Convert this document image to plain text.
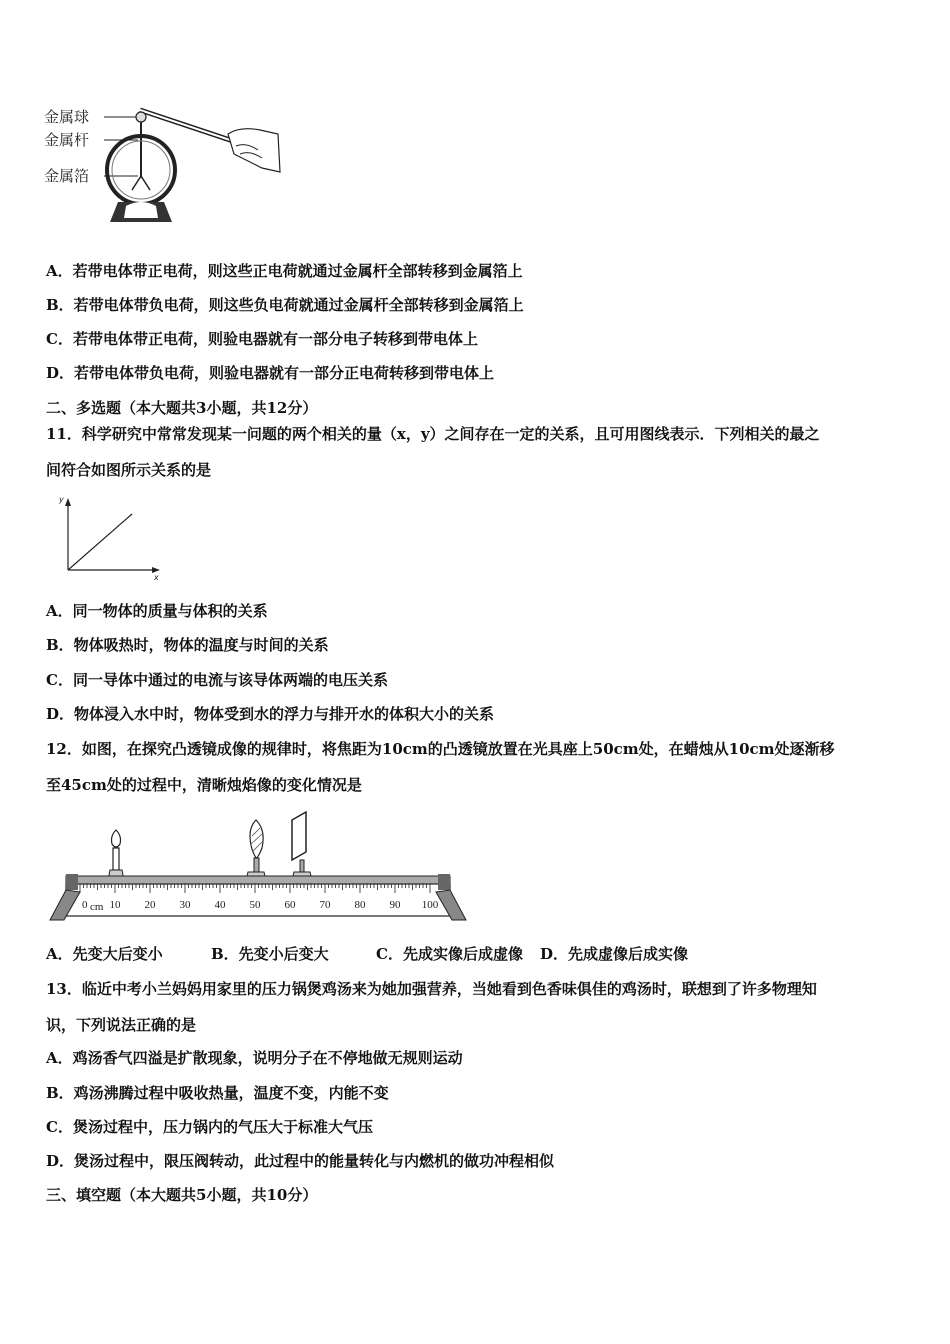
金属球
金属杆
金属箔
A．若带电体带正电荷，则这些正电荷就通过金属杆全部转移到金属箔上
B．若带电体带负电荷，则这些负电荷就通过金属杆全部转移到金属箔上
C．若带电体带正电荷，则验电器就有一部分电子转移到带电体上
D．若带电体带负电荷，则验电器就有一部分正电荷转移到带电体上
二、多选题（本大题共3小题，共12分）
11．科学研究中常常发现某一问题的两个相关的量（x，y）之间存在一定的关系，且可用图线表示．下列相关的最之
间符合如图所示关系的是
y
x
A．同一物体的质量与体积的关系
B．物体吸热时，物体的温度与时间的关系
C．同一导体中通过的电流与该导体两端的电压关系
D．物体浸入水中时，物体受到水的浮力与排开水的体积大小的关系
12．如图，在探究凸透镜成像的规律时，将焦距为10cm的凸透镜放置在光具座上50cm处，在蜡烛从10cm处逐渐移
至45cm处的过程中，清晰烛焰像的变化情况是
cm
0 10 20 30 40 50 60 70 80 90 100
A．先变大后变小	B．先变小后变大	C．先成实像后成虚像 D．先成虚像后成实像
13．临近中考小兰妈妈用家里的压力锅煲鸡汤来为她加强营养，当她看到色香味俱佳的鸡汤时，联想到了许多物理知
识，下列说法正确的是
A．鸡汤香气四溢是扩散现象，说明分子在不停地做无规则运动
B．鸡汤沸腾过程中吸收热量，温度不变，内能不变
C．煲汤过程中，压力锅内的气压大于标准大气压
D．煲汤过程中，限压阀转动，此过程中的能量转化与内燃机的做功冲程相似
三、填空题（本大题共5小题，共10分）
